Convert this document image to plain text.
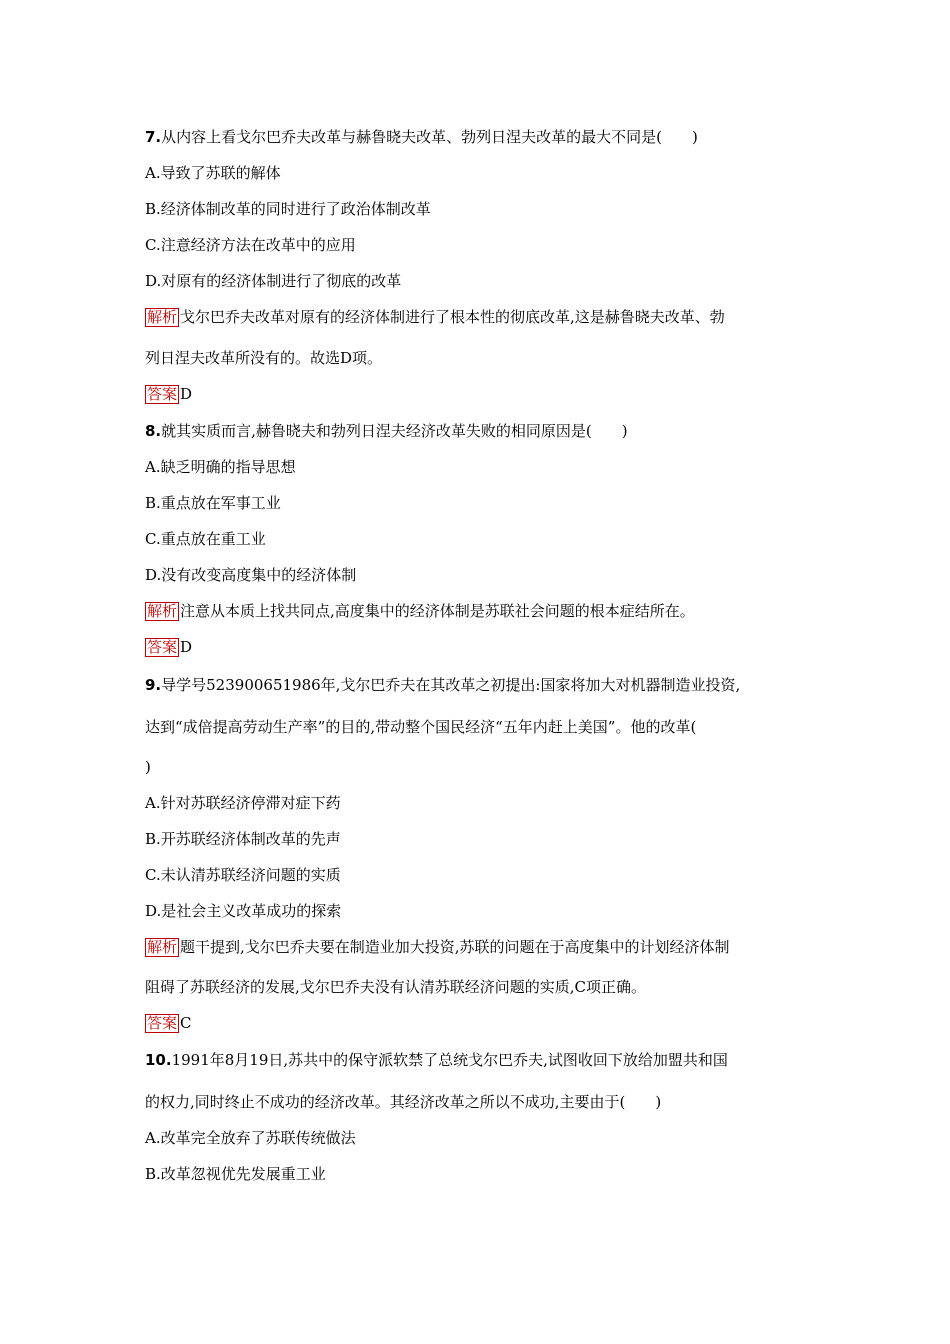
7.从内容上看戈尔巴乔夫改革与赫鲁晓夫改革、勃列日涅夫改革的最大不同是(　　)
A.导致了苏联的解体
B.经济体制改革的同时进行了政治体制改革
C.注意经济方法在改革中的应用
D.对原有的经济体制进行了彻底的改革
解析 戈尔巴乔夫改革对原有的经济体制进行了根本性的彻底改革,这是赫鲁晓夫改革、勃
列日涅夫改革所没有的。故选D项。
答案 D
8.就其实质而言,赫鲁晓夫和勃列日涅夫经济改革失败的相同原因是(　　)
A.缺乏明确的指导思想
B.重点放在军事工业
C.重点放在重工业
D.没有改变高度集中的经济体制
解析 注意从本质上找共同点,高度集中的经济体制是苏联社会问题的根本症结所在。
答案 D
9.导学号523900651986年,戈尔巴乔夫在其改革之初提出:国家将加大对机器制造业投资,
达到“成倍提高劳动生产率”的目的,带动整个国民经济“五年内赶上美国”。他的改革(
)
A.针对苏联经济停滞对症下药
B.开苏联经济体制改革的先声
C.未认清苏联经济问题的实质
D.是社会主义改革成功的探索
解析 题干提到,戈尔巴乔夫要在制造业加大投资,苏联的问题在于高度集中的计划经济体制
阻碍了苏联经济的发展,戈尔巴乔夫没有认清苏联经济问题的实质,C项正确。
答案 C
10.1991年8月19日,苏共中的保守派软禁了总统戈尔巴乔夫,试图收回下放给加盟共和国
的权力,同时终止不成功的经济改革。其经济改革之所以不成功,主要由于(　　)
A.改革完全放弃了苏联传统做法
B.改革忽视优先发展重工业
